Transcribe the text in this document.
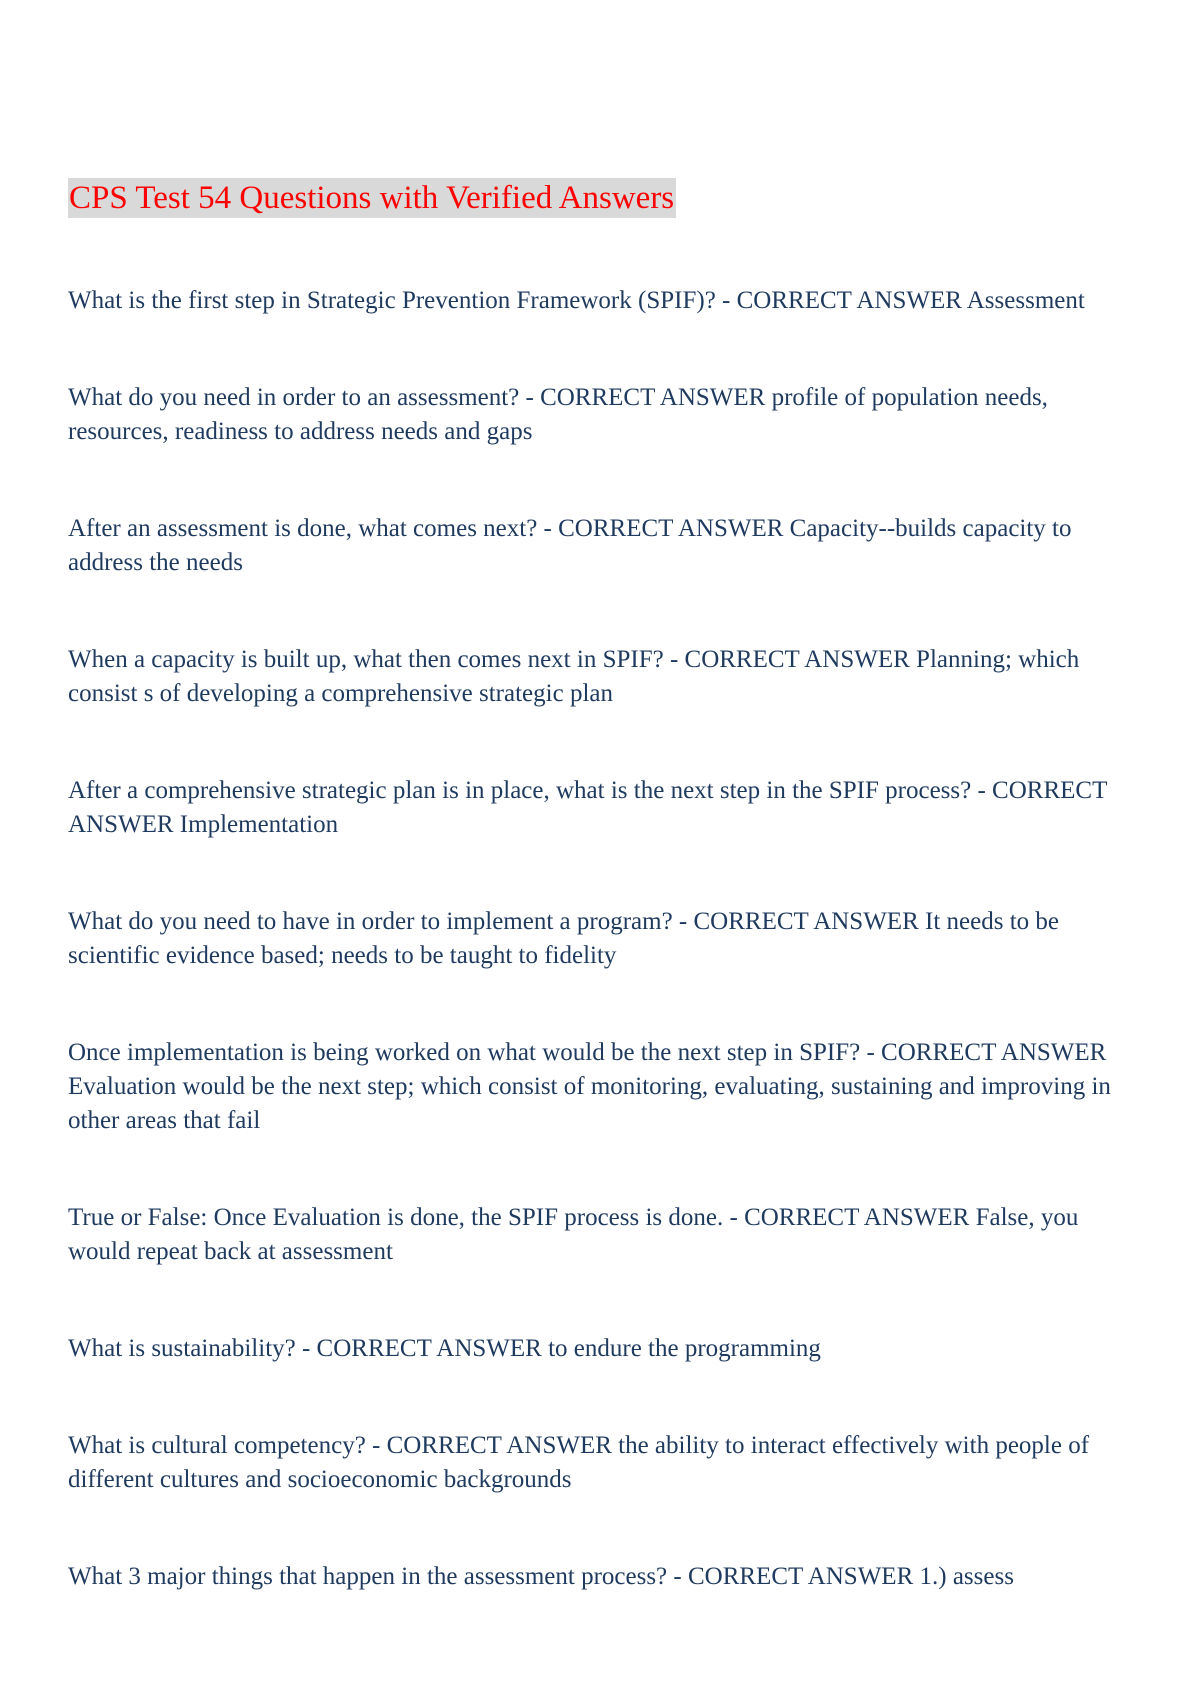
CPS Test 54 Questions with Verified Answers
What is the first step in Strategic Prevention Framework (SPIF)? - CORRECT ANSWER Assessment
What do you need in order to an assessment? - CORRECT ANSWER profile of population needs, resources, readiness to address needs and gaps
After an assessment is done, what comes next? - CORRECT ANSWER Capacity--builds capacity to address the needs
When a capacity is built up, what then comes next in SPIF? - CORRECT ANSWER Planning; which consist s of developing a comprehensive strategic plan
After a comprehensive strategic plan is in place, what is the next step in the SPIF process? - CORRECT ANSWER Implementation
What do you need to have in order to implement a program? - CORRECT ANSWER It needs to be scientific evidence based; needs to be taught to fidelity
Once implementation is being worked on what would be the next step in SPIF? - CORRECT ANSWER Evaluation would be the next step; which consist of monitoring, evaluating, sustaining and improving in other areas that fail
True or False: Once Evaluation is done, the SPIF process is done. - CORRECT ANSWER False, you would repeat back at assessment
What is sustainability? - CORRECT ANSWER to endure the programming
What is cultural competency? - CORRECT ANSWER the ability to interact effectively with people of different cultures and socioeconomic backgrounds
What 3 major things that happen in the assessment process? - CORRECT ANSWER 1.) assess
